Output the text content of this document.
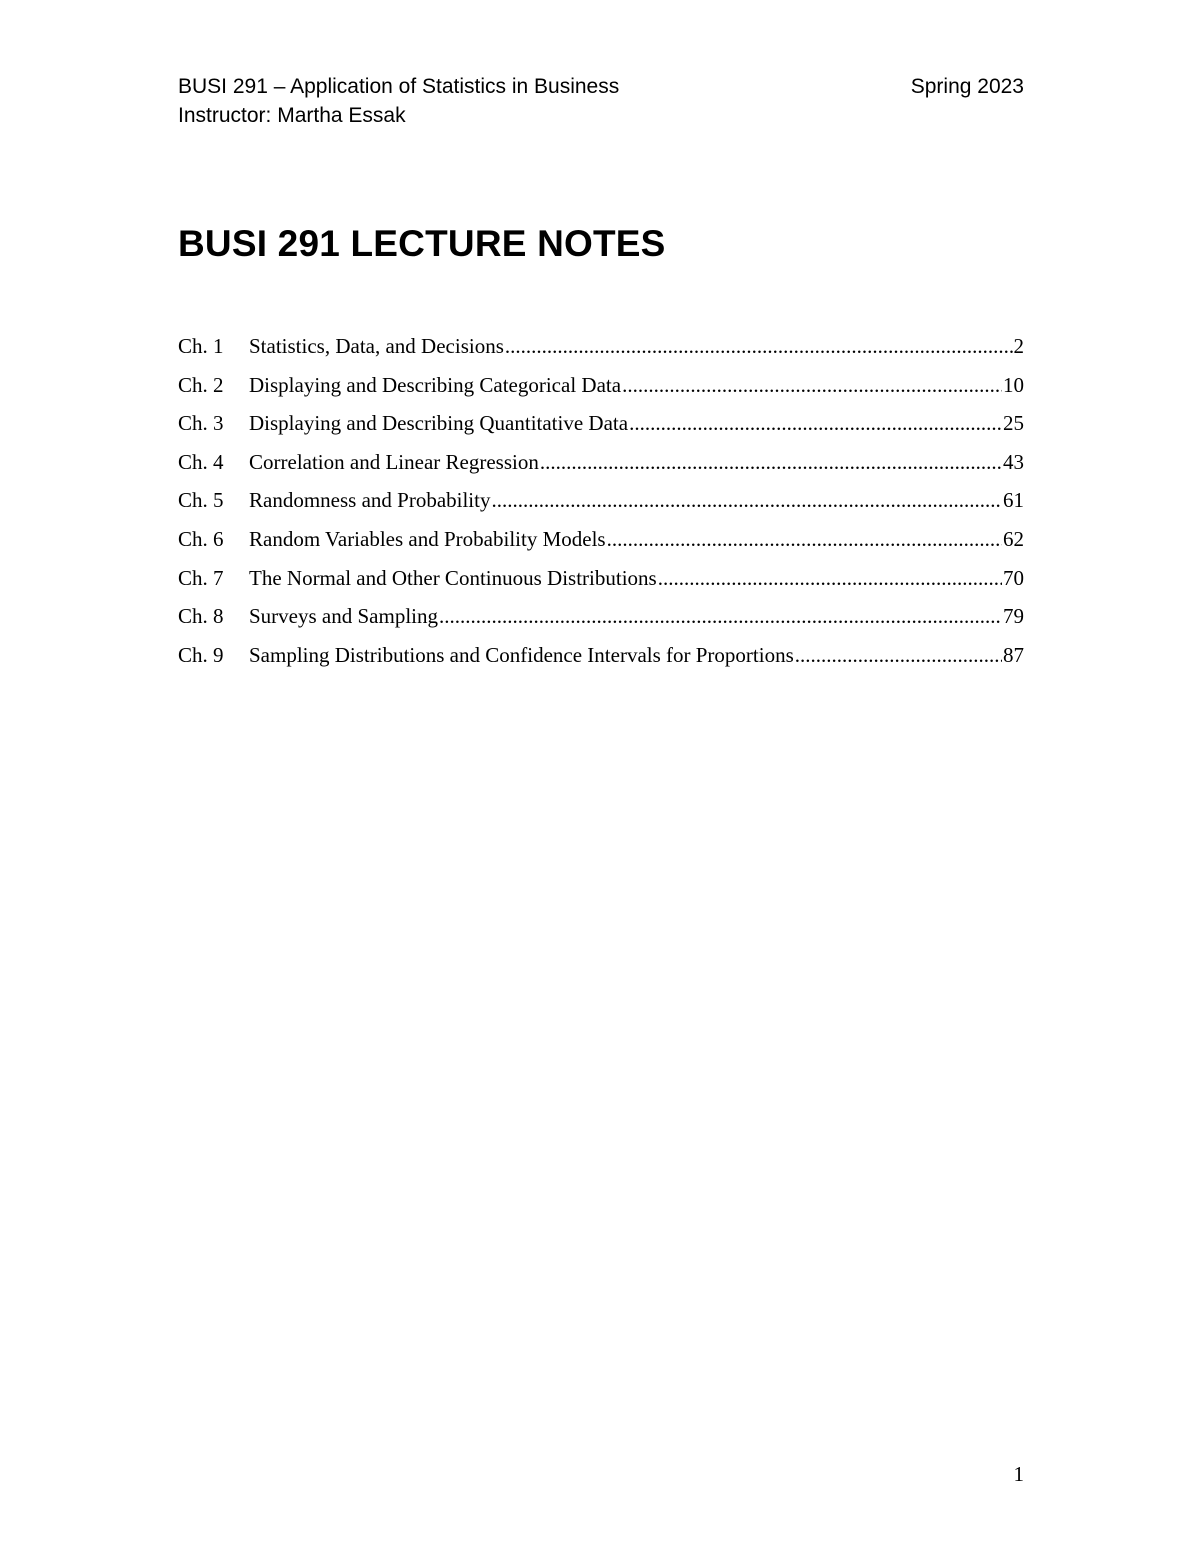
BUSI 291 – Application of Statistics in Business	Spring 2023
Instructor: Martha Essak
BUSI 291 LECTURE NOTES
Ch. 1	Statistics, Data, and Decisions .....	2
Ch. 2	Displaying and Describing Categorical Data .....	10
Ch. 3	Displaying and Describing Quantitative Data .....	25
Ch. 4	Correlation and Linear Regression .....	43
Ch. 5	Randomness and Probability .....	61
Ch. 6	Random Variables and Probability Models .....	62
Ch. 7	The Normal and Other Continuous Distributions .....	70
Ch. 8	Surveys and Sampling .....	79
Ch. 9	Sampling Distributions and Confidence Intervals for Proportions .....	87
1
